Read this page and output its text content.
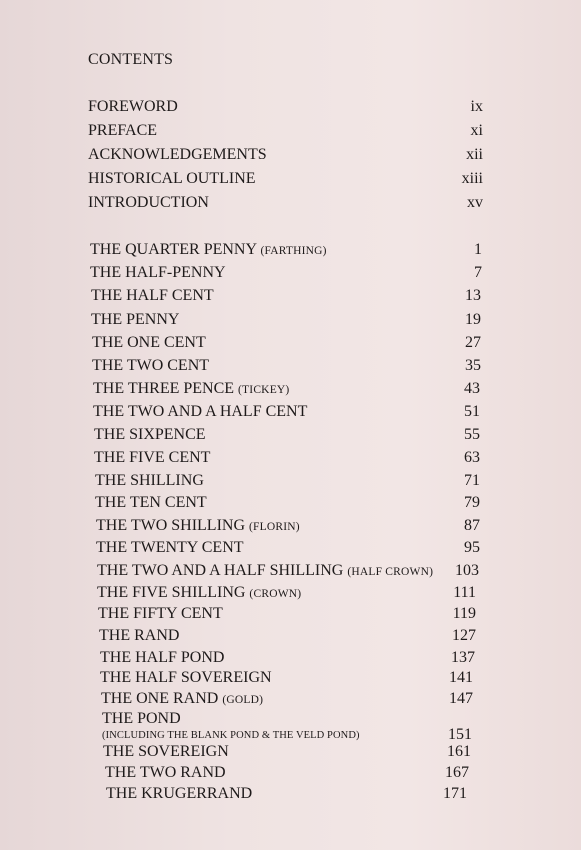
CONTENTS
FOREWORD	ix
PREFACE	xi
ACKNOWLEDGEMENTS	xii
HISTORICAL OUTLINE	xiii
INTRODUCTION	xv
THE QUARTER PENNY (FARTHING)	1
THE HALF-PENNY	7
THE HALF CENT	13
THE PENNY	19
THE ONE CENT	27
THE TWO CENT	35
THE THREE PENCE (TICKEY)	43
THE TWO AND A HALF CENT	51
THE SIXPENCE	55
THE FIVE CENT	63
THE SHILLING	71
THE TEN CENT	79
THE TWO SHILLING (FLORIN)	87
THE TWENTY CENT	95
THE TWO AND A HALF SHILLING (HALF CROWN) 103
THE FIVE SHILLING (CROWN)	111
THE FIFTY CENT	119
THE RAND	127
THE HALF POND	137
THE HALF SOVEREIGN	141
THE ONE RAND (GOLD)	147
THE POND
(INCLUDING THE BLANK POND & THE VELD POND)	151
THE SOVEREIGN	161
THE TWO RAND	167
THE KRUGERRAND	171
